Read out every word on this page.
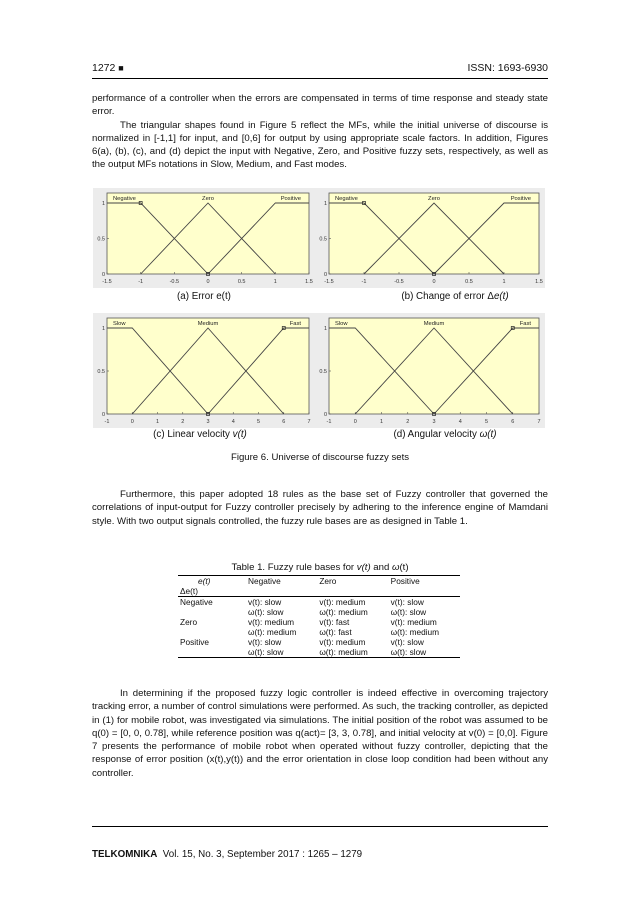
1272 ■	ISSN: 1693-6930

performance of a controller when the errors are compensated in terms of time response and steady state error.

The triangular shapes found in Figure 5 reflect the MFs, while the initial universe of discourse is normalized in [-1,1] for input, and [0,6] for output by using appropriate scale factors. In addition, Figures 6(a), (b), (c), and (d) depict the input with Negative, Zero, and Positive fuzzy sets, respectively, as well as the output MFs notations in Slow, Medium, and Fast modes.

-1.5	-1	-0.5	0	0.5	1	1.5
0
0.5
1
Negative	Zero	Positive
-1.5	-1	-0.5	0	0.5	1	1.5
0
0.5
1
Negative	Zero	Positive
(a) Error e(t)	(b) Change of error Δe(t)
-1	0	1	2	3	4	5	6	7
0
0.5
1
Slow	Medium	Fast
-1	0	1	2	3	4	5	6	7
0
0.5
1
Slow	Medium	Fast
(c) Linear velocity v(t)	(d) Angular velocity ω(t)
Figure 6. Universe of discourse fuzzy sets
Furthermore, this paper adopted 18 rules as the base set of Fuzzy controller that governed the correlations of input-output for Fuzzy controller precisely by adhering to the inference engine of Mamdani style. With two output signals controlled, the fuzzy rule bases are as designed in Table 1.
Table 1. Fuzzy rule bases for v(t) and ω(t)
e(t)	Negative	Zero	Positive
Δe(t)			
Negative	v(t): slow	v(t): medium	v(t): slow
	ω(t): slow	ω(t): medium	ω(t): slow
Zero	v(t): medium	v(t): fast	v(t): medium
	ω(t): medium	ω(t): fast	ω(t): medium
Positive	v(t): slow	v(t): medium	v(t): slow
	ω(t): slow	ω(t): medium	ω(t): slow
In determining if the proposed fuzzy logic controller is indeed effective in overcoming trajectory tracking error, a number of control simulations were performed. As such, the tracking controller, as depicted in (1) for mobile robot, was investigated via simulations. The initial position of the robot was assumed to be q(0) = [0, 0, 0.78], while reference position was q(act)= [3, 3, 0.78], and initial velocity at v(0) = [0,0]. Figure 7 presents the performance of mobile robot when operated without fuzzy controller, depicting that the response of error position (x(t),y(t)) and the error orientation in close loop condition had been without any controller.
TELKOMNIKA Vol. 15, No. 3, September 2017 : 1265 – 1279
